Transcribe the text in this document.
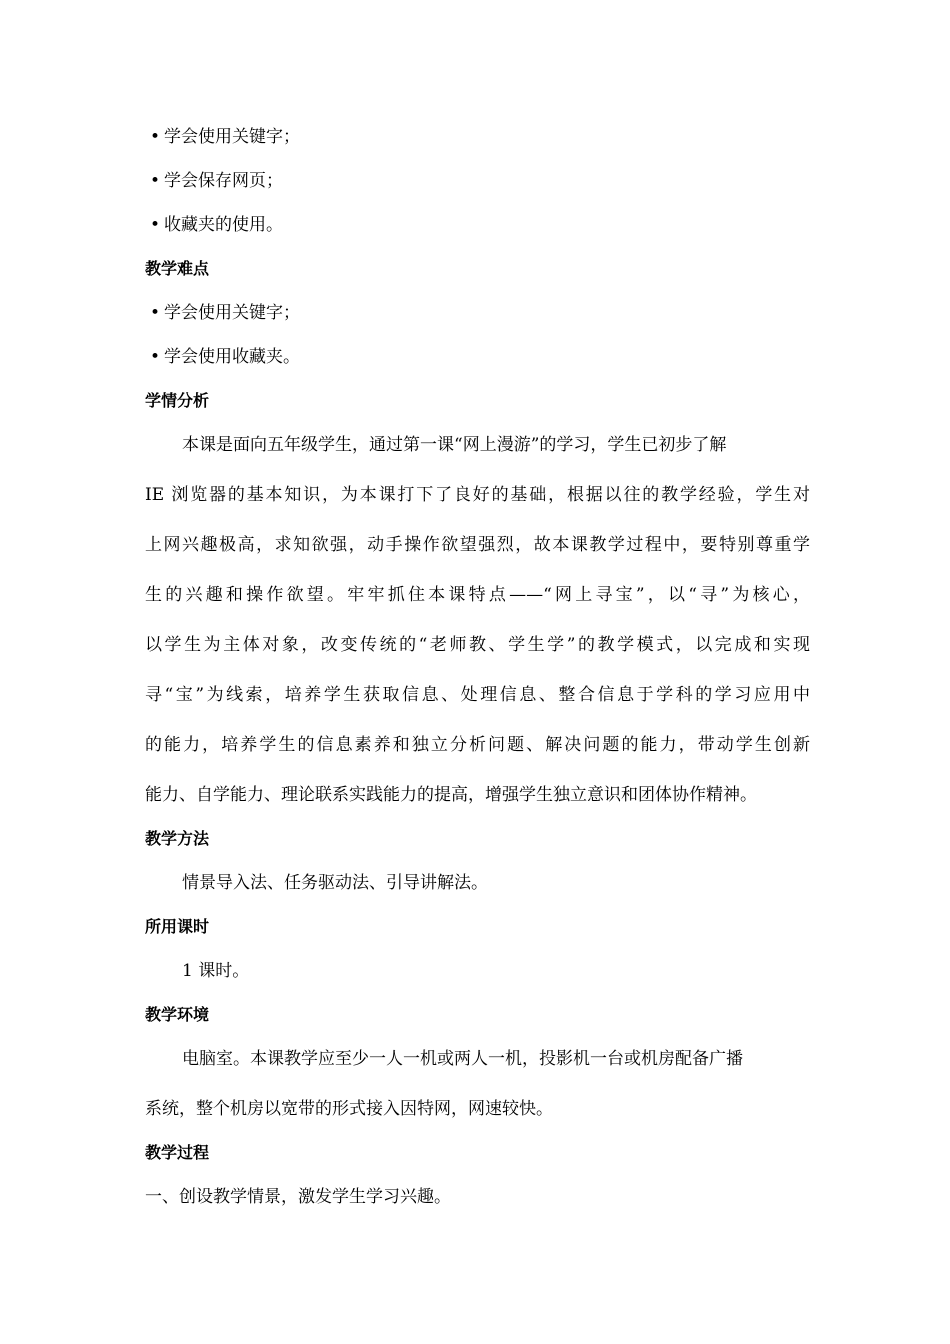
• 学会使用关键字；
• 学会保存网页；
• 收藏夹的使用。
教学难点
• 学会使用关键字；
• 学会使用收藏夹。
学情分析
本课是面向五年级学生，通过第一课“网上漫游”的学习，学生已初步了解
IE 浏览器的基本知识，为本课打下了良好的基础，根据以往的教学经验，学生对
上网兴趣极高，求知欲强，动手操作欲望强烈，故本课教学过程中，要特别尊重学
生的兴趣和操作欲望。牢牢抓住本课特点——“网上寻宝”，以“寻”为核心，
以学生为主体对象，改变传统的“老师教、学生学”的教学模式，以完成和实现
寻“宝”为线索，培养学生获取信息、处理信息、整合信息于学科的学习应用中
的能力，培养学生的信息素养和独立分析问题、解决问题的能力，带动学生创新
能力、自学能力、理论联系实践能力的提高，增强学生独立意识和团体协作精神。
教学方法
情景导入法、任务驱动法、引导讲解法。
所用课时
1 课时。
教学环境
电脑室。本课教学应至少一人一机或两人一机，投影机一台或机房配备广播
系统，整个机房以宽带的形式接入因特网，网速较快。
教学过程
一、创设教学情景，激发学生学习兴趣。
